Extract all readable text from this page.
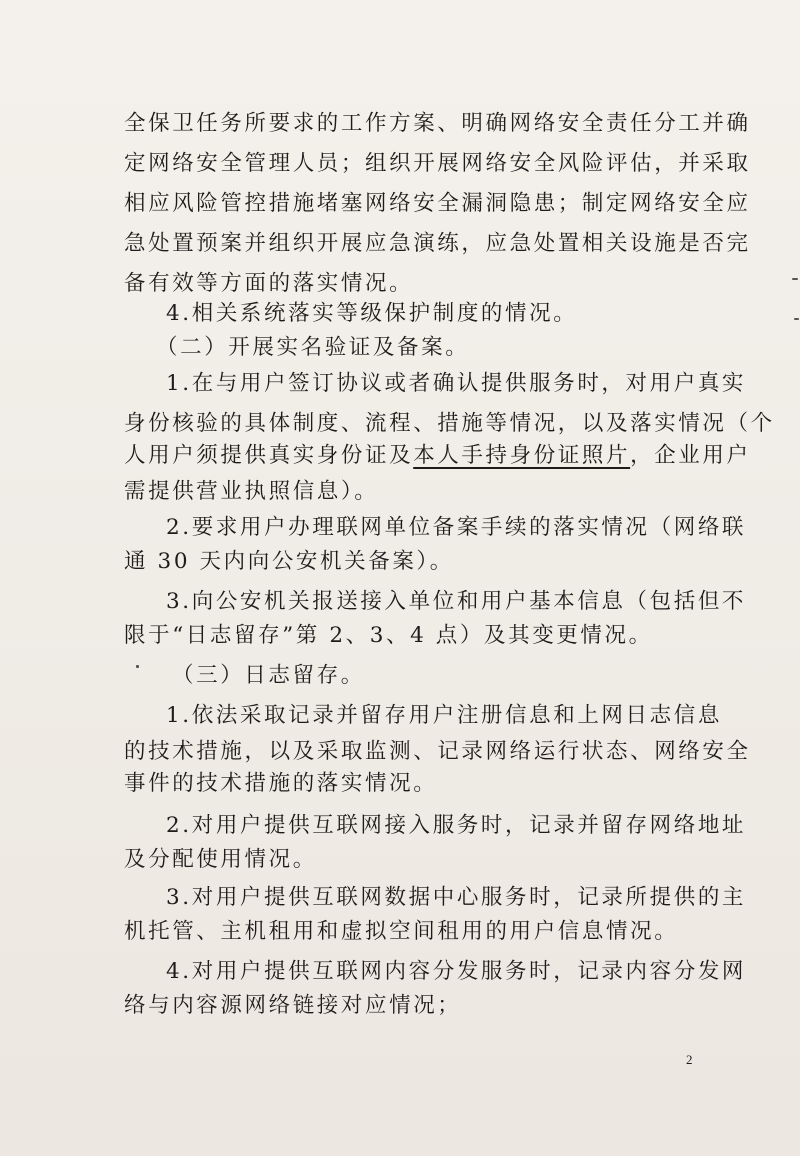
全保卫任务所要求的工作方案、明确网络安全责任分工并确
定网络安全管理人员；组织开展网络安全风险评估，并采取
相应风险管控措施堵塞网络安全漏洞隐患；制定网络安全应
急处置预案并组织开展应急演练，应急处置相关设施是否完
备有效等方面的落实情况。
4.相关系统落实等级保护制度的情况。
（二）开展实名验证及备案。
1.在与用户签订协议或者确认提供服务时，对用户真实
身份核验的具体制度、流程、措施等情况，以及落实情况（个
人用户须提供真实身份证及本人手持身份证照片，企业用户
需提供营业执照信息）。
2.要求用户办理联网单位备案手续的落实情况（网络联
通 30 天内向公安机关备案）。
3.向公安机关报送接入单位和用户基本信息（包括但不
限于“日志留存”第 2、3、4 点）及其变更情况。
（三）日志留存。
1.依法采取记录并留存用户注册信息和上网日志信息
的技术措施，以及采取监测、记录网络运行状态、网络安全
事件的技术措施的落实情况。
2.对用户提供互联网接入服务时，记录并留存网络地址
及分配使用情况。
3.对用户提供互联网数据中心服务时，记录所提供的主
机托管、主机租用和虚拟空间租用的用户信息情况。
4.对用户提供互联网内容分发服务时，记录内容分发网
络与内容源网络链接对应情况；
2
